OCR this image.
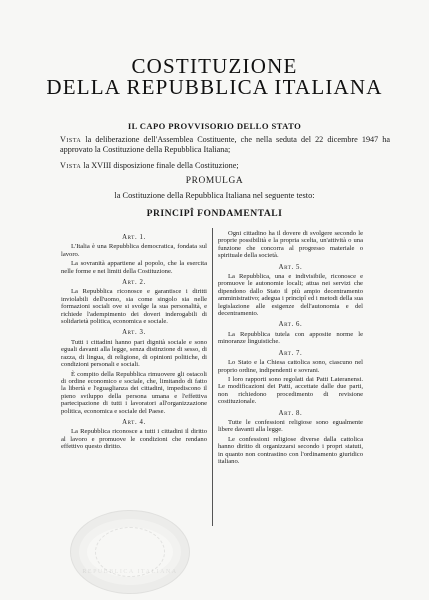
COSTITUZIONE
DELLA REPUBBLICA ITALIANA
IL CAPO PROVVISORIO DELLO STATO
Vista la deliberazione dell'Assemblea Costituente, che nella seduta del 22 dicembre 1947 ha approvato la Costituzione della Repubblica Italiana;
Vista la XVIII disposizione finale della Costituzione;
PROMULGA
la Costituzione della Repubblica Italiana nel seguente testo:
PRINCIPÎ FONDAMENTALI
Art. 1.

L'Italia è una Repubblica democratica, fondata sul lavoro.

La sovranità appartiene al popolo, che la esercita nelle forme e nei limiti della Costituzione.

Art. 2.

La Repubblica riconosce e garantisce i diritti inviolabili dell'uomo, sia come singolo sia nelle formazioni sociali ove si svolge la sua personalità, e richiede l'adempimento dei doveri inderogabili di solidarietà politica, economica e sociale.

Art. 3.

Tutti i cittadini hanno pari dignità sociale e sono eguali davanti alla legge, senza distinzione di sesso, di razza, di lingua, di religione, di opinioni politiche, di condizioni personali e sociali.

È compito della Repubblica rimuovere gli ostacoli di ordine economico e sociale, che, limitando di fatto la libertà e l'eguaglianza dei cittadini, impediscono il pieno sviluppo della persona umana e l'effettiva partecipazione di tutti i lavoratori all'organizzazione politica, economica e sociale del Paese.

Art. 4.

La Repubblica riconosce a tutti i cittadini il diritto al lavoro e promuove le condizioni che rendano effettivo questo diritto.

Ogni cittadino ha il dovere di svolgere secondo le proprie possibilità e la propria scelta, un'attività o una funzione che concorra al progresso materiale o spirituale della società.

Art. 5.

La Repubblica, una e indivisibile, riconosce e promuove le autonomie locali; attua nei servizi che dipendono dallo Stato il più ampio decentramento amministrativo; adegua i principî ed i metodi della sua legislazione alle esigenze dell'autonomia e del decentramento.

Art. 6.

La Repubblica tutela con apposite norme le minoranze linguistiche.

Art. 7.

Lo Stato e la Chiesa cattolica sono, ciascuno nel proprio ordine, indipendenti e sovrani.

I loro rapporti sono regolati dai Patti Lateranensi. Le modificazioni dei Patti, accettate dalle due parti, non richiedono procedimento di revisione costituzionale.

Art. 8.

Tutte le confessioni religiose sono egualmente libere davanti alla legge.

Le confessioni religiose diverse dalla cattolica hanno diritto di organizzarsi secondo i propri statuti, in quanto non contrastino con l'ordinamento giuridico italiano.

REPUBBLICA ITALIANA
